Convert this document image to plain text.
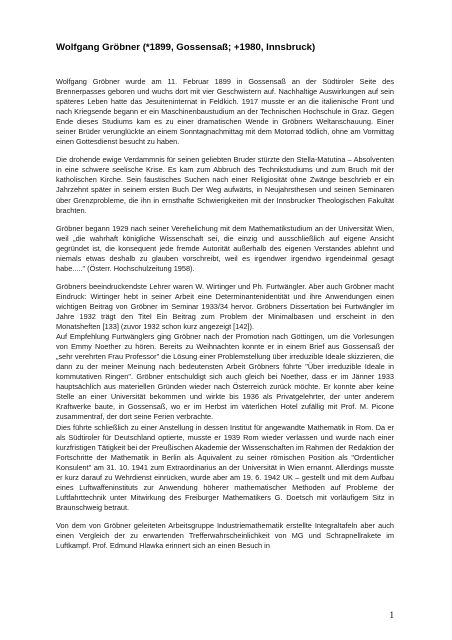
Wolfgang Gröbner (*1899, Gossensaß; +1980, Innsbruck)

Wolfgang Gröbner wurde am 11. Februar 1899 in Gossensaß an der Südtiroler Seite des Brennerpasses geboren und wuchs dort mit vier Geschwistern auf. Nachhaltige Auswirkungen auf sein späteres Leben hatte das Jesuiteninternat in Feldkich. 1917 musste er an die italienische Front und nach Kriegsende begann er ein Maschinenbaustudium an der Technischen Hochschule in Graz. Gegen Ende dieses Studiums kam es zu einer dramatischen Wende in Gröbners Weltanschauung. Einer seiner Brüder verunglückte an einem Sonntagnachmittag mit dem Motorrad tödlich, ohne am Vormittag einen Gottesdienst besucht zu haben.

Die drohende ewige Verdammnis für seinen geliebten Bruder stürzte den Stella-Matutina – Absolventen in eine schwere seelische Krise. Es kam zum Abbruch des Technikstudiums und zum Bruch mit der katholischen Kirche. Sein faustisches Suchen nach einer Religiosität ohne Zwänge beschrieb er ein Jahrzehnt später in seinem ersten Buch Der Weg aufwärts, in Neujahrsthesen und seinen Seminaren über Grenzprobleme, die ihn in ernsthafte Schwierigkeiten mit der Innsbrucker Theologischen Fakultät brachten.

Gröbner begann 1929 nach seiner Verehelichung mit dem Mathematikstudium an der Universität Wien, weil „die wahrhaft königliche Wissenschaft sei, die einzig und ausschließlich auf eigene Ansicht gegründet ist, die konsequent jede fremde Autorität außerhalb des eigenen Verstandes ablehnt und niemals etwas deshalb zu glauben vorschreibt, weil es irgendwer irgendwo irgendeinmal gesagt habe....." (Österr. Hochschulzeitung 1958).

Gröbners beeindruckendste Lehrer waren W. Wirtinger und Ph. Furtwängler. Aber auch Gröbner macht Eindruck: Wirtinger hebt in seiner Arbeit eine Determinantenidentität und ihre Anwendungen einen wichtigen Beitrag von Gröbner im Seminar 1933/34 hervor. Gröbners Dissertation bei Furtwängler im Jahre 1932 trägt den Titel Ein Beitrag zum Problem der Minimalbasen und erscheint in den Monatsheften [133] (zuvor 1932 schon kurz angezeigt [142]).

Auf Empfehlung Furtwänglers ging Gröbner nach der Promotion nach Göttingen, um die Vorlesungen von Emmy Noether zu hören. Bereits zu Weihnachten konnte er in einem Brief aus Gossensaß der „sehr verehrten Frau Professor" die Lösung einer Problemstellung über irreduzible Ideale skizzieren, die dann zu der meiner Meinung nach bedeutensten Arbeit Gröbners führte "Über irreduzible Ideale in kommutativen Ringen". Gröbner entschuldigt sich auch gleich bei Noether, dass er im Jänner 1933 hauptsächlich aus materiellen Gründen wieder nach Österreich zurück möchte. Er konnte aber keine Stelle an einer Universität bekommen und wirkte bis 1936 als Privatgelehrter, der unter anderem Kraftwerke baute, in Gossensaß, wo er im Herbst im väterlichen Hotel zufällig mit Prof. M. Picone zusammentraf, der dort seine Ferien verbrachte.

Dies führte schließlich zu einer Anstellung in dessen Institut für angewandte Mathematik in Rom. Da er als Südtiroler für Deutschland optierte, musste er 1939 Rom wieder verlassen und wurde nach einer kurzfristigen Tätigkeit bei der Preußischen Akademie der Wissenschaften im Rahmen der Redaktion der Fortschritte der Mathematik in Berlin als Äquivalent zu seiner römischen Position als "Ordentlicher Konsulent" am 31. 10. 1941 zum Extraordinarius an der Universität in Wien ernannt. Allerdings musste er kurz darauf zu Wehrdienst einrücken, wurde aber am 19. 6. 1942 UK – gestellt und mit dem Aufbau eines Luftwaffeninstituts zur Anwendung höherer mathematischer Methoden auf Probleme der Luftfahrttechnik unter Mitwirkung des Freiburger Mathematikers G. Doetsch mit vorläufigem Sitz in Braunschweig betraut.

Von dem von Gröbner geleiteten Arbeitsgruppe Industriemathematik erstellte Integraltafeln aber auch einen Vergleich der zu erwartenden Trefferwahrscheinlichkeit von MG und Schrapnellrakete im Luftkampf. Prof. Edmund Hlawka erinnert sich an einen Besuch in

1
